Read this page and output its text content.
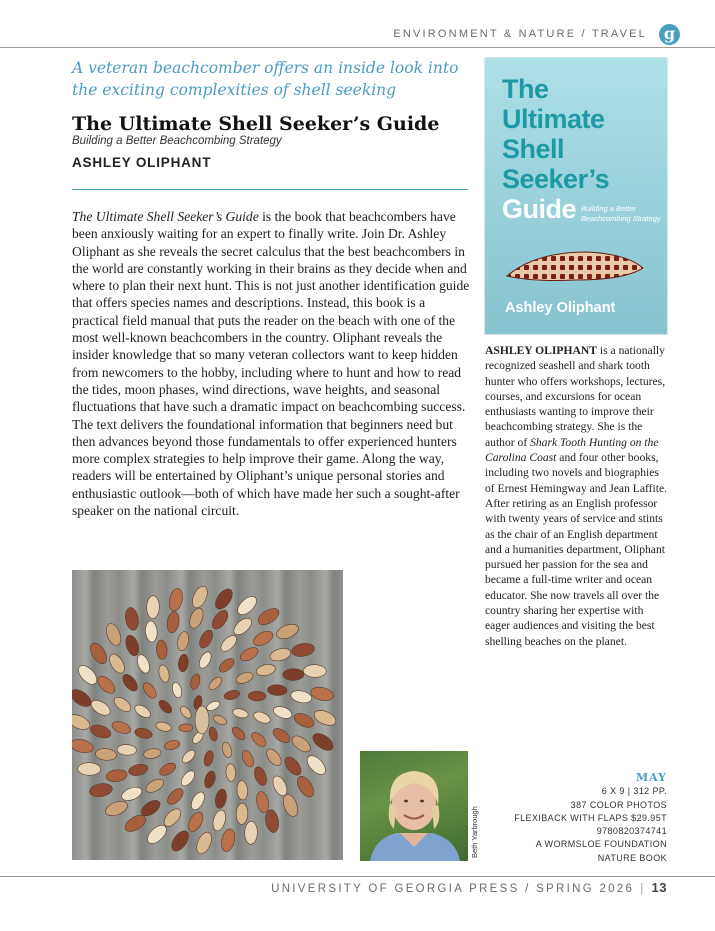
ENVIRONMENT & NATURE / TRAVEL	g
A veteran beachcomber offers an inside look into the exciting complexities of shell seeking
The Ultimate Shell Seeker’s Guide
Building a Better Beachcombing Strategy
ASHLEY OLIPHANT

The Ultimate Shell Seeker’s Guide is the book that beachcombers have been anxiously waiting for an expert to finally write. Join Dr. Ashley Oliphant as she reveals the secret calculus that the best beachcombers in the world are constantly working in their brains as they decide when and where to plan their next hunt. This is not just another identification guide that offers species names and descriptions. Instead, this book is a practical field manual that puts the reader on the beach with one of the most well-known beachcombers in the country. Oliphant reveals the insider knowledge that so many veteran collectors want to keep hidden from newcomers to the hobby, including where to hunt and how to read the tides, moon phases, wind directions, wave heights, and seasonal fluctuations that have such a dramatic impact on beachcombing success. The text delivers the foundational information that beginners need but then advances beyond those fundamentals to offer experienced hunters more complex strategies to help improve their game. Along the way, readers will be entertained by Oliphant’s unique personal stories and enthusiastic outlook—both of which have made her such a sought-after speaker on the national circuit.

The
Ultimate
Shell
Seeker’s
Guide Building a Better Beachcombing Strategy
Ashley Oliphant

ASHLEY OLIPHANT is a nationally recognized seashell and shark tooth hunter who offers workshops, lectures, courses, and excursions for ocean enthusiasts wanting to improve their beachcombing strategy. She is the author of Shark Tooth Hunting on the Carolina Coast and four other books, including two novels and biographies of Ernest Hemingway and Jean Laffite. After retiring as an English professor with twenty years of service and stints as the chair of an English department and a humanities department, Oliphant pursued her passion for the sea and became a full-time writer and ocean educator. She now travels all over the country sharing her expertise with eager audiences and visiting the best shelling beaches on the planet.

Beth Yarbrough
MAY
6 X 9 | 312 PP.
387 COLOR PHOTOS
FLEXIBACK WITH FLAPS $29.95T
9780820374741
A WORMSLOE FOUNDATION
NATURE BOOK
UNIVERSITY OF GEORGIA PRESS / SPRING 2026 | 13
